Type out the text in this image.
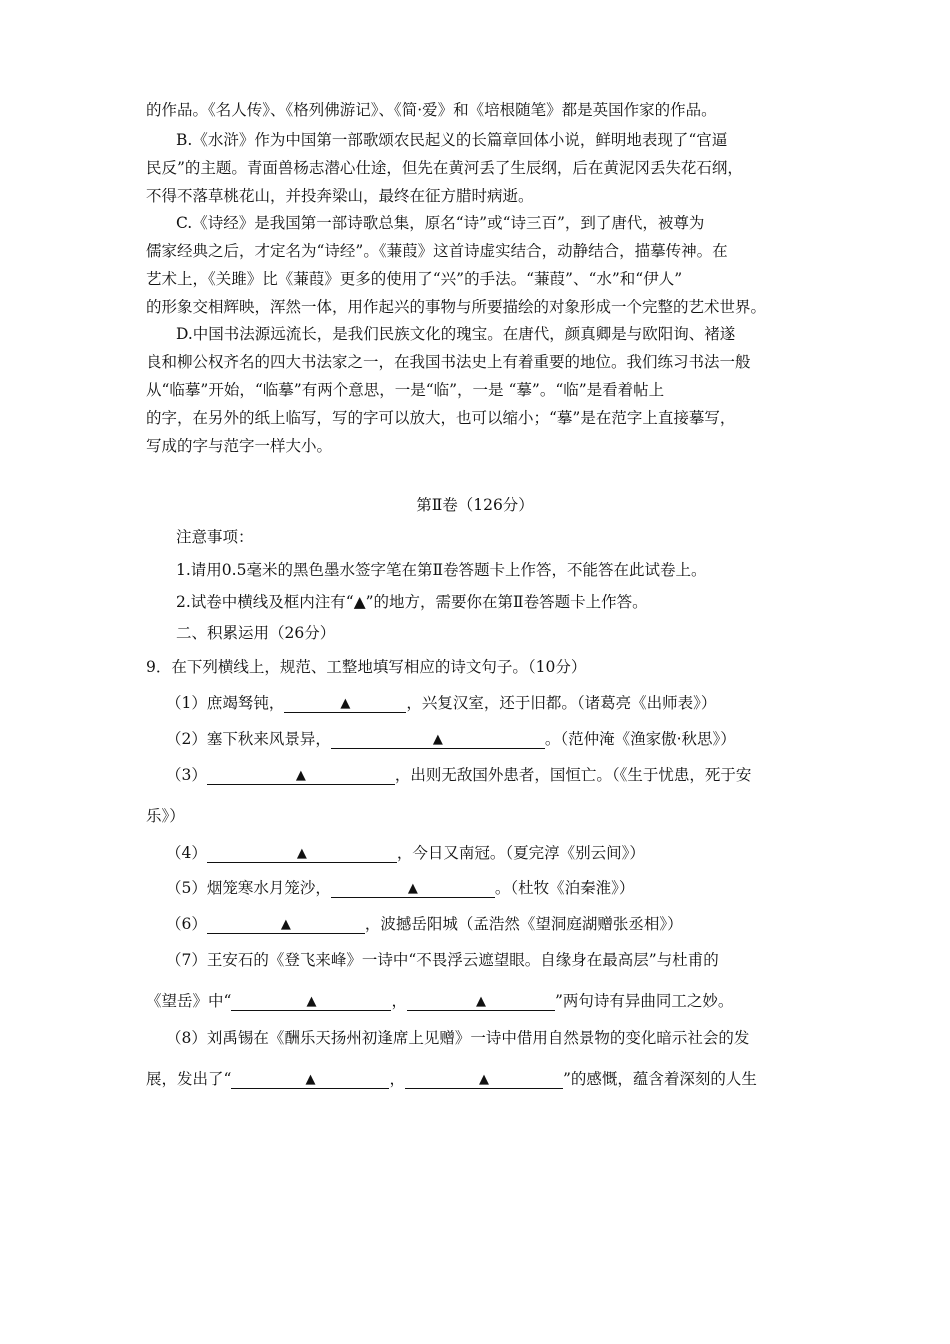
的作品。《名人传》、《格列佛游记》、《简·爱》和《培根随笔》都是英国作家的作品。
B.《水浒》作为中国第一部歌颂农民起义的长篇章回体小说，鲜明地表现了“官逼
民反”的主题。青面兽杨志潜心仕途，但先在黄河丢了生辰纲，后在黄泥冈丢失花石纲，
不得不落草桃花山，并投奔梁山，最终在征方腊时病逝。
C.《诗经》是我国第一部诗歌总集，原名“诗”或“诗三百”，到了唐代，被尊为
儒家经典之后，才定名为“诗经”。《蒹葭》这首诗虚实结合，动静结合，描摹传神。在
艺术上，《关雎》比《蒹葭》更多的使用了“兴”的手法。“蒹葭”、“水”和“伊人”
的形象交相辉映，浑然一体，用作起兴的事物与所要描绘的对象形成一个完整的艺术世界。
D.中国书法源远流长，是我们民族文化的瑰宝。在唐代，颜真卿是与欧阳询、褚遂
良和柳公权齐名的四大书法家之一，在我国书法史上有着重要的地位。我们练习书法一般
从“临摹”开始，“临摹”有两个意思，一是“临”，一是 “摹”。“临”是看着帖上
的字，在另外的纸上临写，写的字可以放大，也可以缩小；“摹”是在范字上直接摹写，
写成的字与范字一样大小。
第Ⅱ卷（126分）
注意事项：
1.请用0.5毫米的黑色墨水签字笔在第Ⅱ卷答题卡上作答，不能答在此试卷上。
2.试卷中横线及框内注有“▲”的地方，需要你在第Ⅱ卷答题卡上作答。
二、积累运用（26分）
9．在下列横线上，规范、工整地填写相应的诗文句子。（10分）
（1）庶竭驽钝，	▲	，兴复汉室，还于旧都。（诸葛亮《出师表》）
（2）塞下秋来风景异，	▲	。（范仲淹《渔家傲·秋思》）
（3）	▲	，出则无敌国外患者，国恒亡。（《生于忧患，死于安
乐》）
（4）	▲	，今日又南冠。（夏完淳《别云间》）
（5）烟笼寒水月笼沙，	▲	。（杜牧《泊秦淮》）
（6）	▲	，波撼岳阳城（孟浩然《望洞庭湖赠张丞相》）
（7）王安石的《登飞来峰》一诗中“不畏浮云遮望眼。自缘身在最高层”与杜甫的
《望岳》中“	▲	，	▲	”两句诗有异曲同工之妙。
（8）刘禹锡在《酬乐天扬州初逢席上见赠》一诗中借用自然景物的变化暗示社会的发
展，发出了“	▲	，	▲	”的感慨，蕴含着深刻的人生
